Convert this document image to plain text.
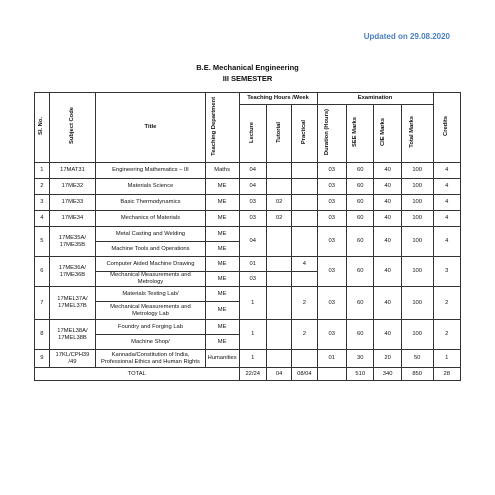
Updated on 29.08.2020
B.E. Mechanical Engineering
III SEMESTER
Sl. No.	Subject Code	Title	Teaching Department	Teaching Hours /Week			Examination				Credits
				Lecture	Tutorial	Practical	Duration (Hours)	SEE Marks	CIE Marks	Total Marks	
1	17MAT31	Engineering Mathematics – III	Maths	04			03	60	40	100	4
2	17ME32	Materials Science	ME	04			03	60	40	100	4
3	17ME33	Basic Thermodynamics	ME	03	02		03	60	40	100	4
4	17ME34	Mechanics of Materials	ME	03	02		03	60	40	100	4
5	17ME35A/ 17ME35B	Metal Casting and Welding	ME	04			03	60	40	100	4
		Machine Tools and Operations	ME								
6	17ME36A/ 17ME36B	Computer Aided Machine Drawing	ME	01		4	03	60	40	100	3
		Mechanical Measurements and Metrology	ME	03							
7	17MEL37A/ 17MEL37B	Materials Testing Lab/	ME	1		2	03	60	40	100	2
		Mechanical Measurements and Metrology Lab	ME								
8	17MEL38A/ 17MEL38B	Foundry and Forging Lab	ME	1		2	03	60	40	100	2
		Machine Shop/	ME								
9	17KL/CPH39 /49	Kannada/Constitution of India, Professional Ethics and Human Rights	Humanities	1			01	30	20	50	1
TOTAL				22/24	04	08/04		510	340	850	28
